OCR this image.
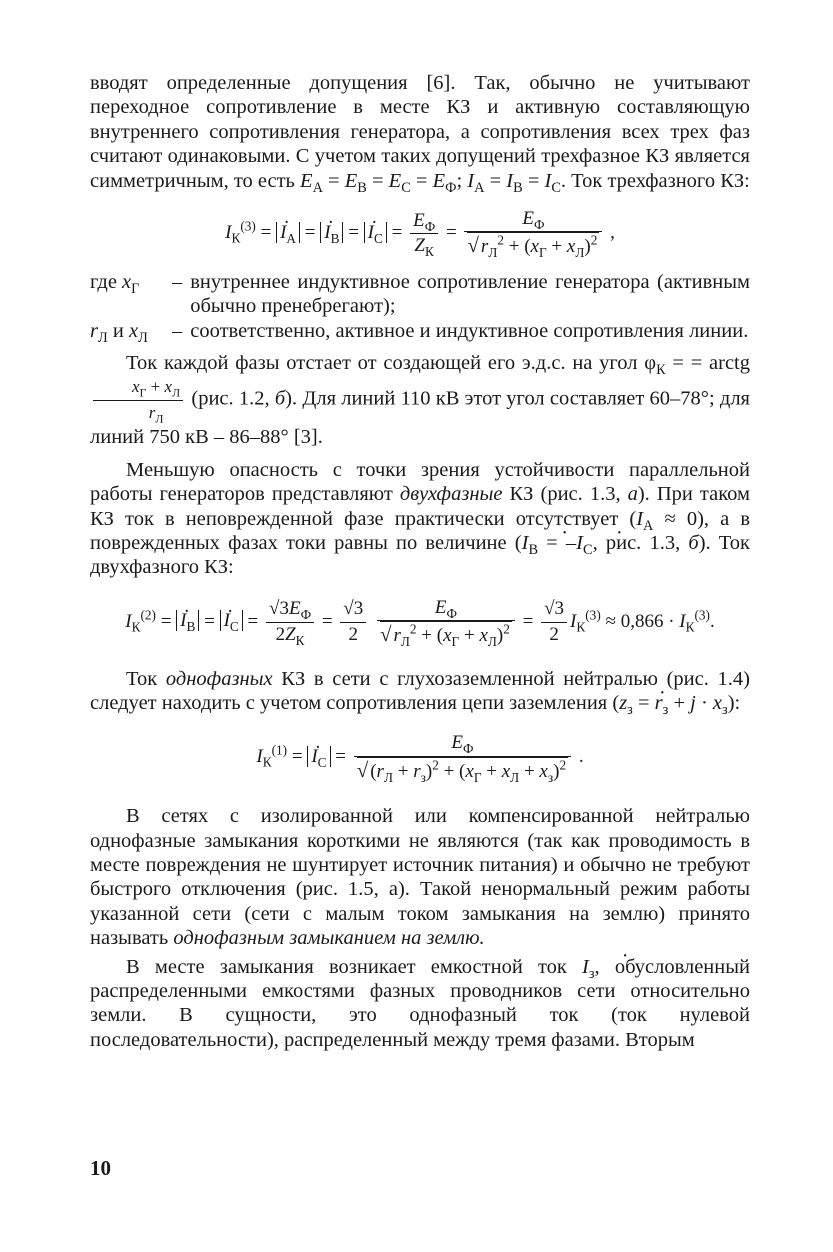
вводят определенные допущения [6]. Так, обычно не учитывают переходное сопротивление в месте КЗ и активную составляющую внутреннего сопротивления генератора, а сопротивления всех трех фаз считают одинаковыми. С учетом таких допущений трехфазное КЗ является симметричным, то есть $E_А = E_В = E_С = E_Ф$; $I_А = I_В = I_С$. Ток трехфазного КЗ:

$I_К^{(3)}$ = · $I_А$ = · $I_В$ = · $I_С = \frac{E_Ф}{Z_К} = E_Ф$
√ $r_Л^2 + (x_Г + x_Л)^2$ ,
где $x_Г$	– внутреннее индуктивное сопротивление генератора (активным обычно пренебрегают);
$r_Л$ и $x_Л$	– соответственно, активное и индуктивное сопротивления линии.

Ток каждой фазы отстает от создающей его э.д.с. на угол $\varphi_К$ = = arctg
$\frac{x_Г + x_Л}{r_Л} (рис$. 1.2, б). Для линий 110 кВ этот угол составляет 60–78°; для линий 750 кВ – 86–88° [3].

Меньшую опасность с точки зрения устойчивости параллельной работы генераторов представляют двухфазные КЗ (рис. 1.3, а). При таком КЗ ток в неповрежденной фазе практически отсутствует $(I_А \approx 0)$, а в поврежденных фазах токи равны по величине (· $I_В$ = –· $I_С$, рис. 1.3, б). Ток двухфазного КЗ:

$I_К^{(2)}$ = · $I_В$ = · $I_С = \frac{√3E_Ф}{2Z_К} = \frac{√3}{2}$
$E_Ф$
√ $r_Л^2 + (x_Г + x_Л)^2 = \frac{√3}{2} I_К^{(3)} \approx 0,866 \cdot I_К^{(3)}$.

Ток однофазных КЗ в сети с глухозаземленной нейтралью (рис. 1.4) следует находить с учетом сопротивления цепи заземления (· $z_з = r_з + j \cdot x_з$):

$I_К^{(1)}$ = · $I_С = E_Ф$
√ $(r_Л + r_з)^2 + (x_Г + x_Л + x_з)^2$ .

В сетях с изолированной или компенсированной нейтралью однофазные замыкания короткими не являются (так как проводимость в месте повреждения не шунтирует источник питания) и обычно не требуют быстрого отключения (рис. 1.5, а). Такой ненормальный режим работы указанной сети (сети с малым током замыкания на землю) принято называть однофазным замыканием на землю.

В месте замыкания возникает емкостной ток · $I_з$, обусловленный распределенными емкостями фазных проводников сети относительно земли. В сущности, это однофазный ток (ток нулевой последовательности), распределенный между тремя фазами. Вторым

10
